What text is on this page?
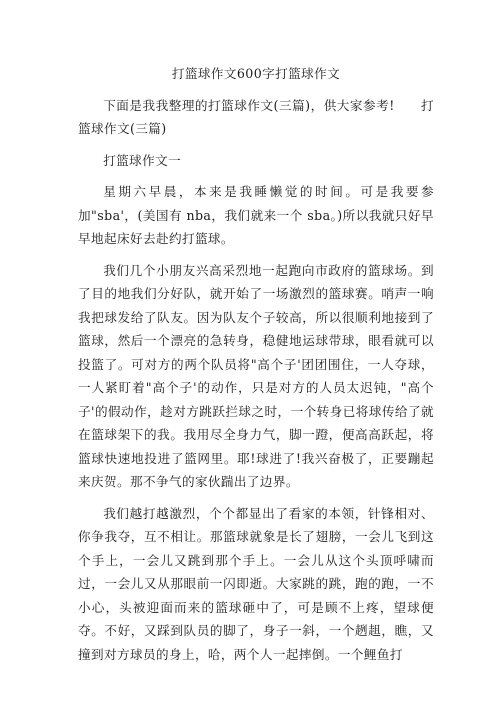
打篮球作文600字打篮球作文

下面是我我整理的打篮球作文(三篇)，供大家参考!　　打篮球作文(三篇)

打篮球作文一

星期六早晨，本来是我睡懒觉的时间。可是我要参加"sba'，(美国有 nba，我们就来一个 sba。)所以我就只好早早地起床好去赴约打篮球。

我们几个小朋友兴高采烈地一起跑向市政府的篮球场。到了目的地我们分好队，就开始了一场激烈的篮球赛。哨声一响我把球发给了队友。因为队友个子较高，所以很顺利地接到了篮球，然后一个漂亮的急转身，稳健地运球带球，眼看就可以投篮了。可对方的两个队员将"高个子'团团围住，一人夺球，一人紧盯着"高个子'的动作，只是对方的人员太迟钝，"高个子'的假动作，趁对方跳跃拦球之时，一个转身已将球传给了就在篮球架下的我。我用尽全身力气，脚一蹬，便高高跃起，将篮球快速地投进了篮网里。耶!球进了!我兴奋极了，正要蹦起来庆贺。那不争气的家伙踹出了边界。

我们越打越激烈，个个都显出了看家的本领，针锋相对、你争我夺，互不相让。那篮球就象是长了翅膀，一会儿飞到这个手上，一会儿又跳到那个手上。一会儿从这个头顶呼啸而过，一会儿又从那眼前一闪即逝。大家跳的跳，跑的跑，一不小心，头被迎面而来的篮球砸中了，可是顾不上疼，望球便夺。不好，又踩到队员的脚了，身子一斜，一个趔趄，瞧，又撞到对方球员的身上，哈，两个人一起摔倒。一个鲤鱼打
